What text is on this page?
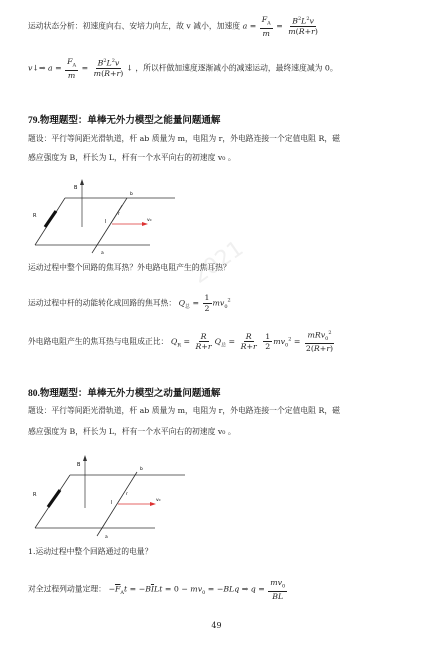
运动状态分析：初速度向右、安培力向左，故 v 减小，加速度 $a = \frac{F_A}{m} = \frac{B^2L^2v}{m(R+r)}$
v↓⇒ $a = \frac{F_A}{m} = \frac{B^2L^2v}{m(R+r)}$ ↓ ，所以杆做加速度逐渐减小的减速运动，最终速度减为 0。
79.物理题型：单棒无外力模型之能量问题通解
题设：平行等间距光滑轨道，杆 ab 质量为 m，电阻为 r，外电路连接一个定值电阻 R，磁
感应强度为 B，杆长为 L，杆有一个水平向右的初速度 v₀ 。
R
B
b
a
l
r
v₀
运动过程中整个回路的焦耳热？外电路电阻产生的焦耳热？
运动过程中杆的动能转化成回路的焦耳热： $Q_总 = \frac{1}{2} mv_0^2$
外电路电阻产生的焦耳热与电阻成正比： $Q_R = \frac{R}{R+r} Q_总 = \frac{R}{R+r}$
$\frac{1}{2} mv_0^2 = \frac{mRv_0^2}{2(R+r)}$
80.物理题型：单棒无外力模型之动量问题通解
题设：平行等间距光滑轨道，杆 ab 质量为 m，电阻为 r，外电路连接一个定值电阻 R，磁
感应强度为 B，杆长为 L，杆有一个水平向右的初速度 v₀ 。
R
B
b
a
l
r
v₀
1.运动过程中整个回路通过的电量？
对全过程列动量定理： $-\overline{F}_At = -B\overline{I}Lt = 0 - mv_0 = -BLq$ ⇒ $q = \frac{mv_0}{BL}$
2021
49
